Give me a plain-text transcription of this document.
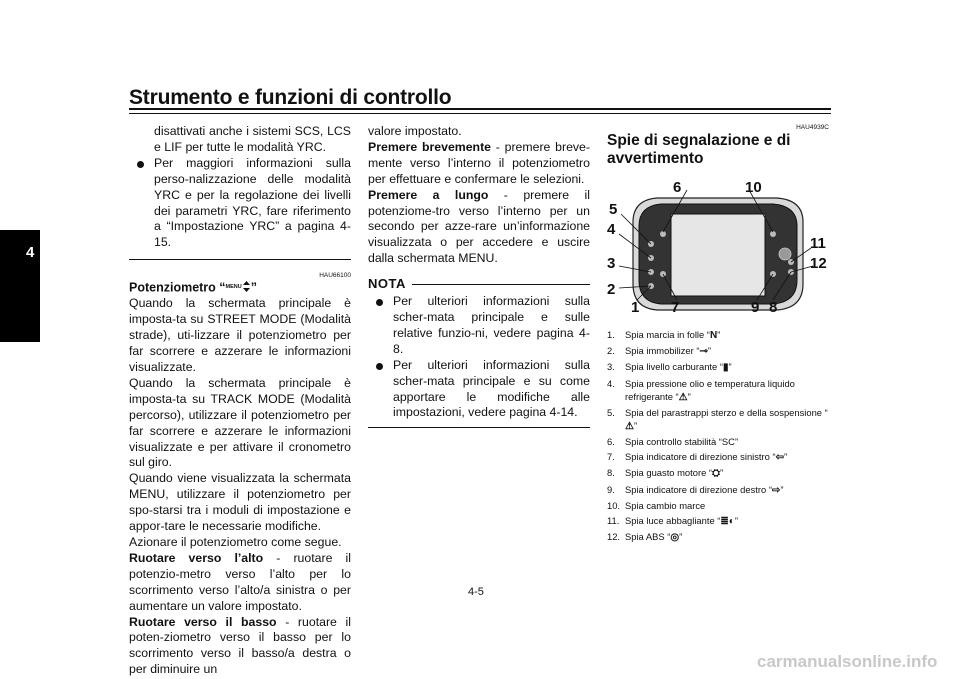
Strumento e funzioni di controllo
4

disattivati anche i sistemi SCS, LCS e LIF per tutte le modalità YRC.

Per maggiori informazioni sulla perso-nalizzazione delle modalità YRC e per la regolazione dei livelli dei parametri YRC, fare riferimento a “Impostazione YRC” a pagina 4-15.

HAU66100

Potenziometro “MENU ”

Quando la schermata principale è imposta-ta su STREET MODE (Modalità strade), uti-lizzare il potenziometro per far scorrere e azzerare le informazioni visualizzate.

Quando la schermata principale è imposta-ta su TRACK MODE (Modalità percorso), utilizzare il potenziometro per far scorrere e azzerare le informazioni visualizzate e per attivare il cronometro sul giro.

Quando viene visualizzata la schermata MENU, utilizzare il potenziometro per spo-starsi tra i moduli di impostazione e appor-tare le necessarie modifiche.

Azionare il potenziometro come segue.

Ruotare verso l’alto - ruotare il potenzio-metro verso l’alto per lo scorrimento verso l’alto/a sinistra o per aumentare un valore impostato.

Ruotare verso il basso - ruotare il poten-ziometro verso il basso per lo scorrimento verso il basso/a destra o per diminuire un

valore impostato.

Premere brevemente - premere breve-mente verso l’interno il potenziometro per effettuare e confermare le selezioni.

Premere a lungo - premere il potenziome-tro verso l’interno per un secondo per azze-rare un’informazione visualizzata o per accedere e uscire dalla schermata MENU.

NOTA

Per ulteriori informazioni sulla scher-mata principale e sulle relative funzio-ni, vedere pagina 4-8.

Per ulteriori informazioni sulla scher-mata principale e su come apportare le modifiche alle impostazioni, vedere pagina 4-14.

HAU4939C

Spie di segnalazione e di avvertimento

6	10
5
4
11
3	12
2
1 7	9 8
1. Spia marcia in folle “N”
2. Spia immobilizer “⊸”
3. Spia livello carburante “▮”
4. Spia pressione olio e temperatura liquido refrigerante “⚠”
5. Spia del parastrappi sterzo e della sospensione “⚠”
6. Spia controllo stabilità “SC”
7. Spia indicatore di direzione sinistro “⇦”
8. Spia guasto motore “⛭”
9. Spia indicatore di direzione destro “⇨”
10. Spia cambio marce
11. Spia luce abbagliante “≣◐”
12. Spia ABS “◎”
4-5
carmanualsonline.info
